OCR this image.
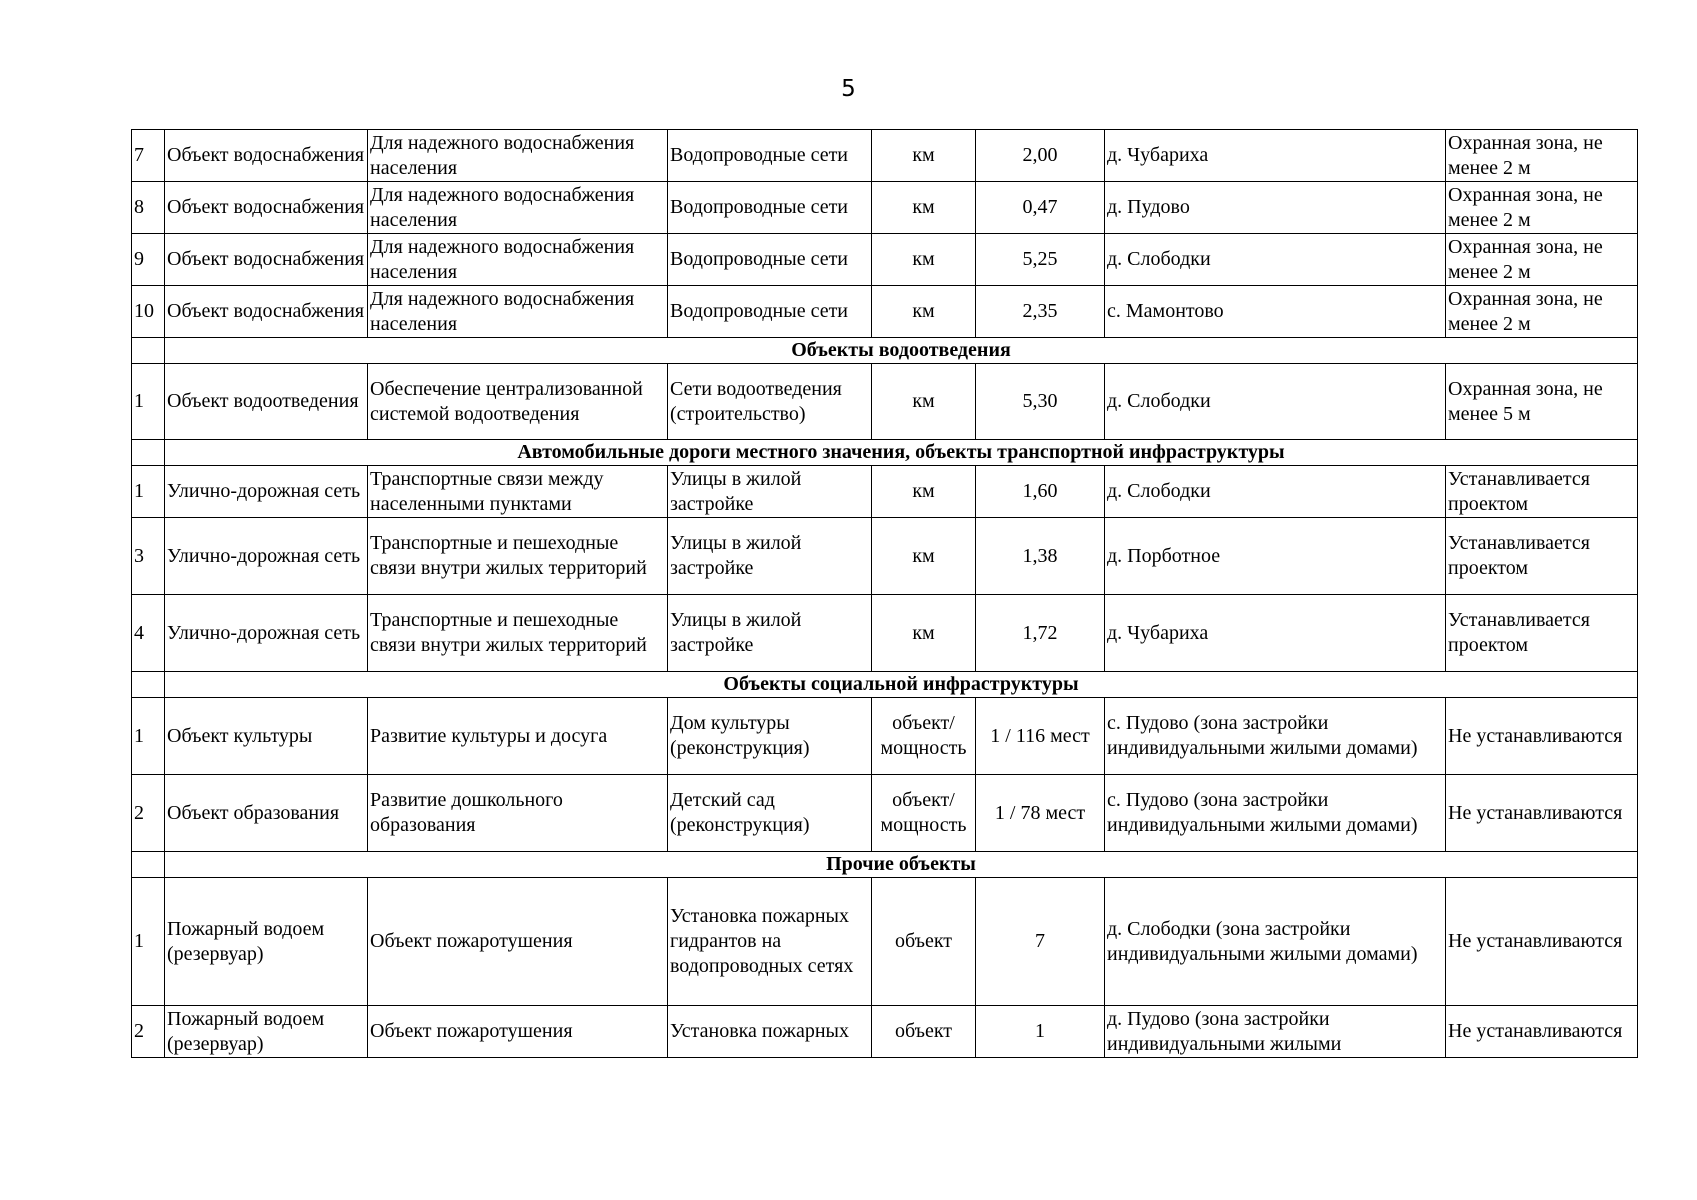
5
7	Объект водоснабжения	Для надежного водоснабжения населения	Водопроводные сети	км	2,00	д. Чубариха	Охранная зона, не менее 2 м
8	Объект водоснабжения	Для надежного водоснабжения населения	Водопроводные сети	км	0,47	д. Пудово	Охранная зона, не менее 2 м
9	Объект водоснабжения	Для надежного водоснабжения населения	Водопроводные сети	км	5,25	д. Слободки	Охранная зона, не менее 2 м
10	Объект водоснабжения	Для надежного водоснабжения населения	Водопроводные сети	км	2,35	с. Мамонтово	Охранная зона, не менее 2 м
	Объекты водоотведения						
1	Объект водоотведения	Обеспечение централизованной системой водоотведения	Сети водоотведения (строительство)	км	5,30	д. Слободки	Охранная зона, не менее 5 м
	Автомобильные дороги местного значения, объекты транспортной инфраструктуры						
1	Улично-дорожная сеть	Транспортные связи между населенными пунктами	Улицы в жилой застройке	км	1,60	д. Слободки	Устанавливается проектом
3	Улично-дорожная сеть	Транспортные и пешеходные связи внутри жилых территорий	Улицы в жилой застройке	км	1,38	д. Порботное	Устанавливается проектом
4	Улично-дорожная сеть	Транспортные и пешеходные связи внутри жилых территорий	Улицы в жилой застройке	км	1,72	д. Чубариха	Устанавливается проектом
	Объекты социальной инфраструктуры						
1	Объект культуры	Развитие культуры и досуга	Дом культуры (реконструкция)	объект/ мощность	1 / 116 мест	с. Пудово (зона застройки индивидуальными жилыми домами)	Не устанавливаются
2	Объект образования	Развитие дошкольного образования	Детский сад (реконструкция)	объект/ мощность	1 / 78 мест	с. Пудово (зона застройки индивидуальными жилыми домами)	Не устанавливаются
	Прочие объекты						
1	Пожарный водоем (резервуар)	Объект пожаротушения	Установка пожарных гидрантов на водопроводных сетях	объект	7	д. Слободки (зона застройки индивидуальными жилыми домами)	Не устанавливаются
2	Пожарный водоем (резервуар)	Объект пожаротушения	Установка пожарных	объект	1	д. Пудово (зона застройки индивидуальными жилыми	Не устанавливаются
